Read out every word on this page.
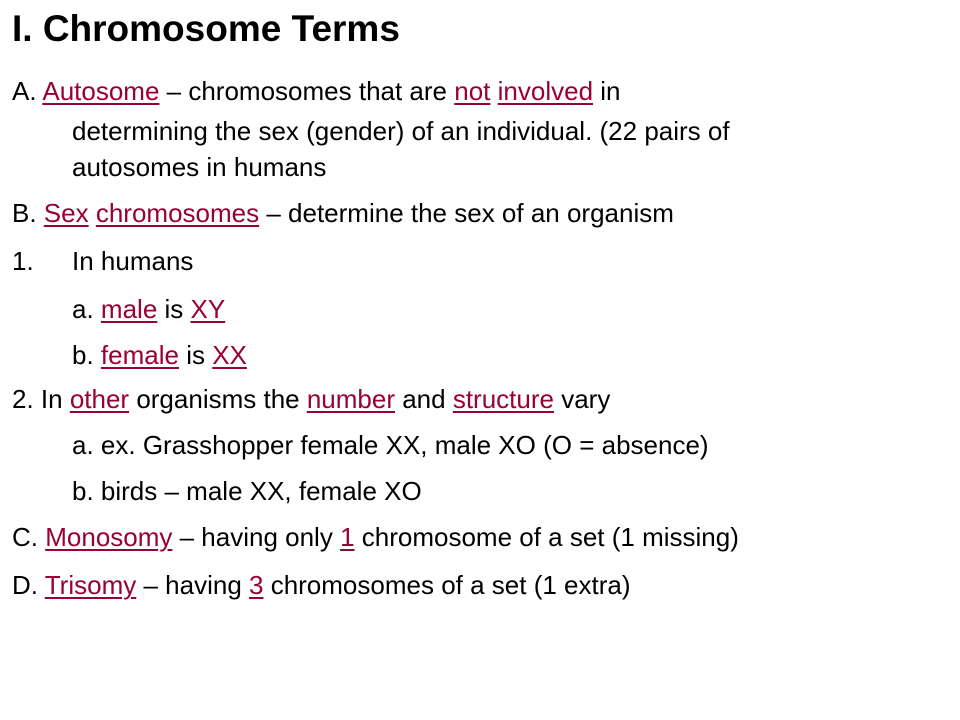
I. Chromosome Terms
A. Autosome – chromosomes that are not involved in
determining the sex (gender) of an individual. (22 pairs of
autosomes in humans
B. Sex chromosomes – determine the sex of an organism
1. In humans
a. male is XY
b. female is XX
2. In other organisms the number and structure vary
a. ex. Grasshopper female XX, male XO (O = absence)
b. birds – male XX, female XO
C. Monosomy – having only 1 chromosome of a set (1 missing)
D. Trisomy – having 3 chromosomes of a set (1 extra)
